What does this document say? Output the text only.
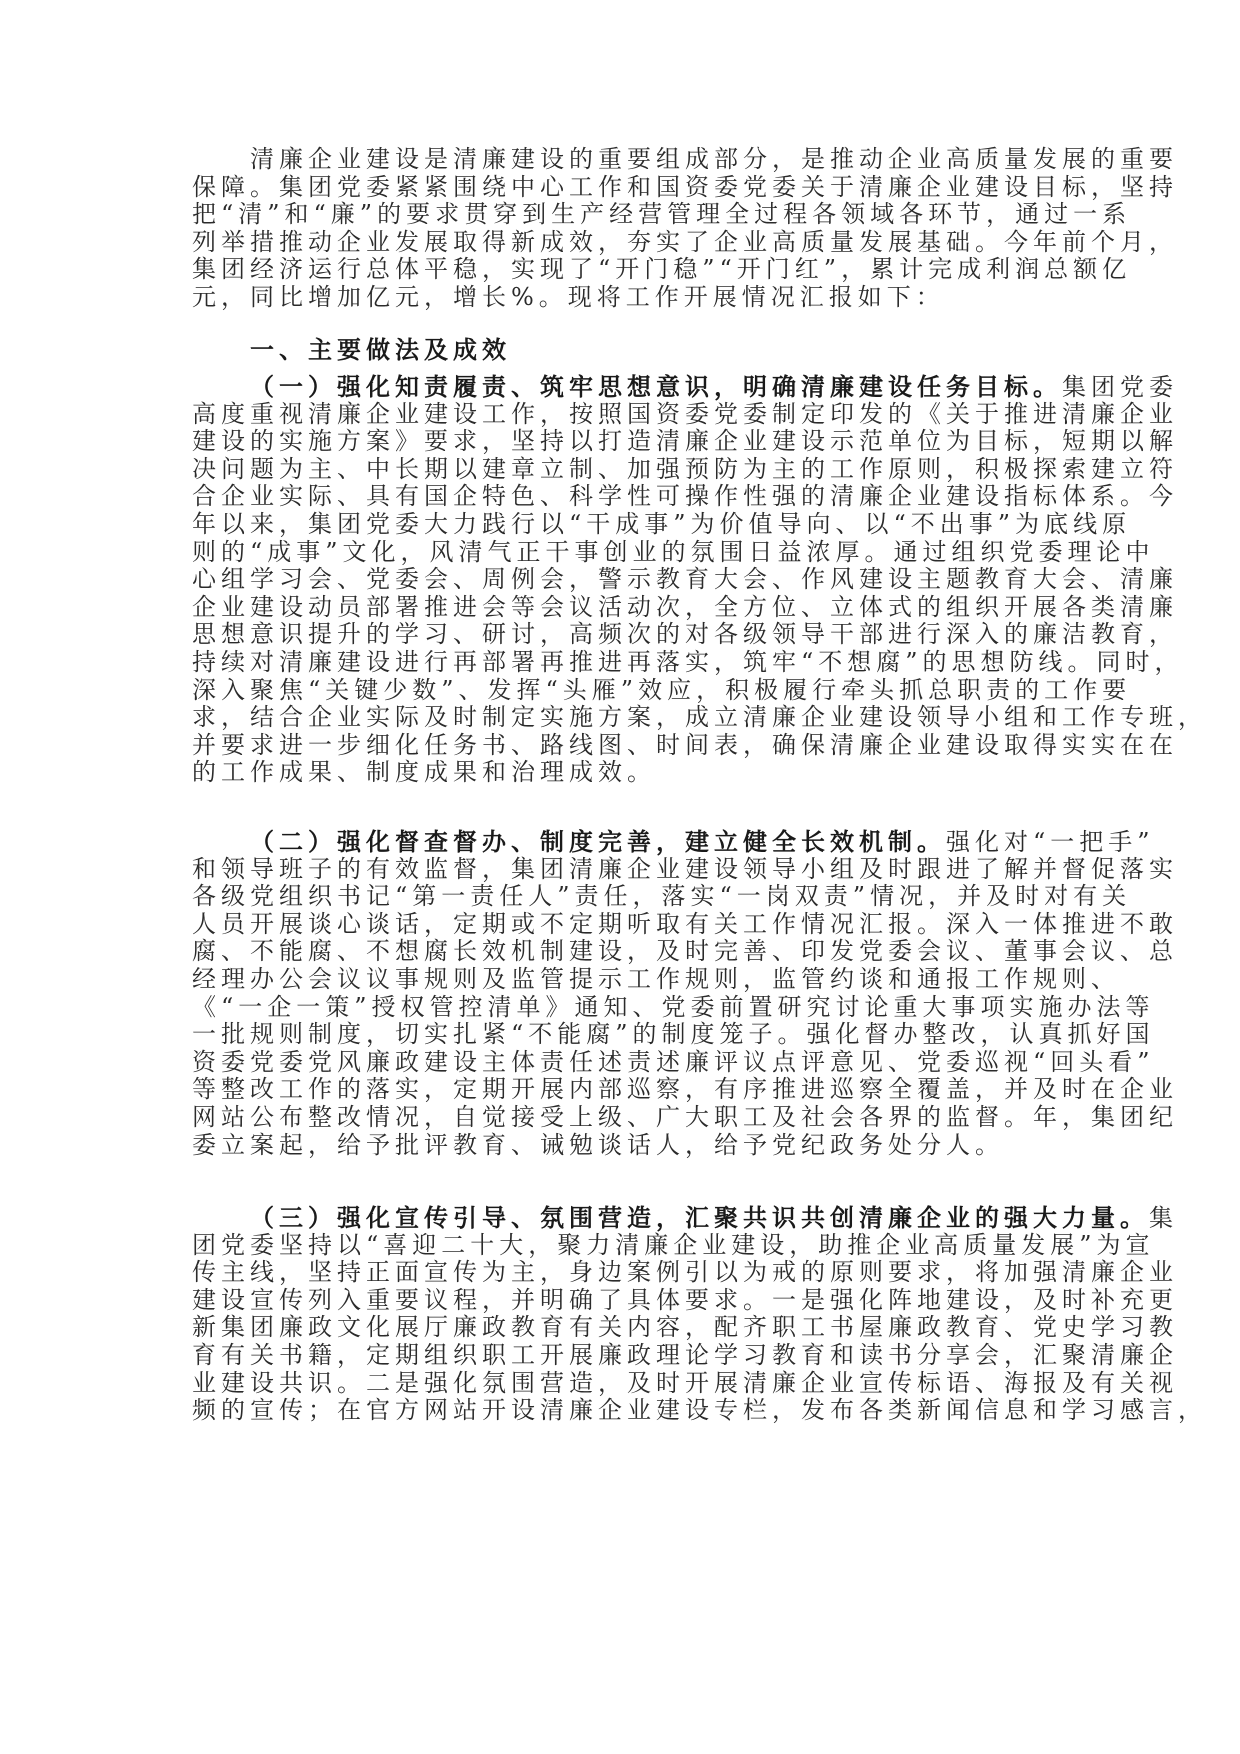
清廉企业建设是清廉建设的重要组成部分，是推动企业高质量发展的重要
保障。集团党委紧紧围绕中心工作和国资委党委关于清廉企业建设目标，坚持
把“清”和“廉”的要求贯穿到生产经营管理全过程各领域各环节，通过一系
列举措推动企业发展取得新成效，夯实了企业高质量发展基础。今年前个月，
集团经济运行总体平稳，实现了“开门稳”“开门红”，累计完成利润总额亿
元，同比增加亿元，增长%。现将工作开展情况汇报如下：
一、主要做法及成效
（一）强化知责履责、筑牢思想意识，明确清廉建设任务目标。集团党委
高度重视清廉企业建设工作，按照国资委党委制定印发的《关于推进清廉企业
建设的实施方案》要求，坚持以打造清廉企业建设示范单位为目标，短期以解
决问题为主、中长期以建章立制、加强预防为主的工作原则，积极探索建立符
合企业实际、具有国企特色、科学性可操作性强的清廉企业建设指标体系。今
年以来，集团党委大力践行以“干成事”为价值导向、以“不出事”为底线原
则的“成事”文化，风清气正干事创业的氛围日益浓厚。通过组织党委理论中
心组学习会、党委会、周例会，警示教育大会、作风建设主题教育大会、清廉
企业建设动员部署推进会等会议活动次，全方位、立体式的组织开展各类清廉
思想意识提升的学习、研讨，高频次的对各级领导干部进行深入的廉洁教育，
持续对清廉建设进行再部署再推进再落实，筑牢“不想腐”的思想防线。同时，
深入聚焦“关键少数”、发挥“头雁”效应，积极履行牵头抓总职责的工作要
求，结合企业实际及时制定实施方案，成立清廉企业建设领导小组和工作专班，
并要求进一步细化任务书、路线图、时间表，确保清廉企业建设取得实实在在
的工作成果、制度成果和治理成效。
（二）强化督查督办、制度完善，建立健全长效机制。强化对“一把手”
和领导班子的有效监督，集团清廉企业建设领导小组及时跟进了解并督促落实
各级党组织书记“第一责任人”责任，落实“一岗双责”情况，并及时对有关
人员开展谈心谈话，定期或不定期听取有关工作情况汇报。深入一体推进不敢
腐、不能腐、不想腐长效机制建设，及时完善、印发党委会议、董事会议、总
经理办公会议议事规则及监管提示工作规则，监管约谈和通报工作规则、
《“一企一策”授权管控清单》通知、党委前置研究讨论重大事项实施办法等
一批规则制度，切实扎紧“不能腐”的制度笼子。强化督办整改，认真抓好国
资委党委党风廉政建设主体责任述责述廉评议点评意见、党委巡视“回头看”
等整改工作的落实，定期开展内部巡察，有序推进巡察全覆盖，并及时在企业
网站公布整改情况，自觉接受上级、广大职工及社会各界的监督。年，集团纪
委立案起，给予批评教育、诫勉谈话人，给予党纪政务处分人。
（三）强化宣传引导、氛围营造，汇聚共识共创清廉企业的强大力量。集
团党委坚持以“喜迎二十大，聚力清廉企业建设，助推企业高质量发展”为宣
传主线，坚持正面宣传为主，身边案例引以为戒的原则要求，将加强清廉企业
建设宣传列入重要议程，并明确了具体要求。一是强化阵地建设，及时补充更
新集团廉政文化展厅廉政教育有关内容，配齐职工书屋廉政教育、党史学习教
育有关书籍，定期组织职工开展廉政理论学习教育和读书分享会，汇聚清廉企
业建设共识。二是强化氛围营造，及时开展清廉企业宣传标语、海报及有关视
频的宣传；在官方网站开设清廉企业建设专栏，发布各类新闻信息和学习感言，
